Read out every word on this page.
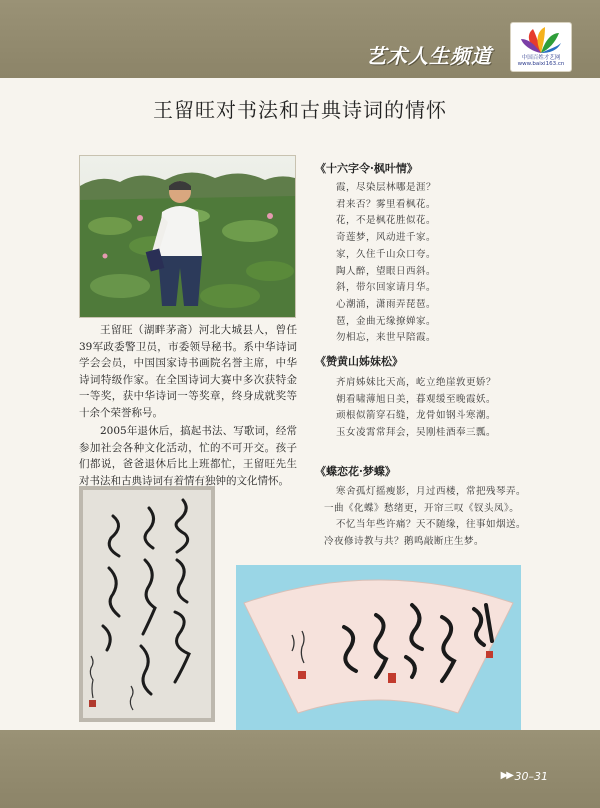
艺术人生频道	中国百姓才艺网
www.baixi163.cn
王留旺对书法和古典诗词的情怀

王留旺（湖畔茅斋）河北大城县人，曾任39军政委警卫员，市委领导秘书。系中华诗词学会会员，中国国家诗书画院名誉主席，中华诗词特级作家。在全国诗词大赛中多次获特金一等奖，获中华诗词一等奖章，终身成就奖等十余个荣誉称号。

2005年退休后，搞起书法、写歌词，经常参加社会各种文化活动，忙的不可开交。孩子们都说，爸爸退休后比上班都忙，王留旺先生对书法和古典诗词有着情有独钟的文化情怀。

《十六字令·枫叶情》
霞，尽染层林哪是涯？
君来否？雾里看枫花。
花，不是枫花胜似花。
奇莲梦，风动进千家。
家，久住千山众口夸。
陶人醉，望眼日西斜。
斜，带尔回家请月华。
心潮涌，潇雨弄琵琶。
琶，金曲无缘撩婵家。
勿相忘，来世早陪霞。
《赞黄山姊妹松》
齐肩姊妹比天高，屹立绝崖敦更娇？
朝看啸薄旭日美，暮观缓至晚霞妖。
顽根似箭穿石缝，龙骨如钢斗寒潮。
玉女凌霄常拜会，吴刚桂酒奉三瓢。
《蝶恋花·梦蝶》
寒舍孤灯摇瘦影，月过西楼，常把残琴弄。
一曲《化蝶》愁绪更，开帘三叹《钗头凤》。
不忆当年些许痛？天不随缘，往事如烟送。
冷夜修诗教与共？鹅鸣敲断庄生梦。
▶▶ 30–31
